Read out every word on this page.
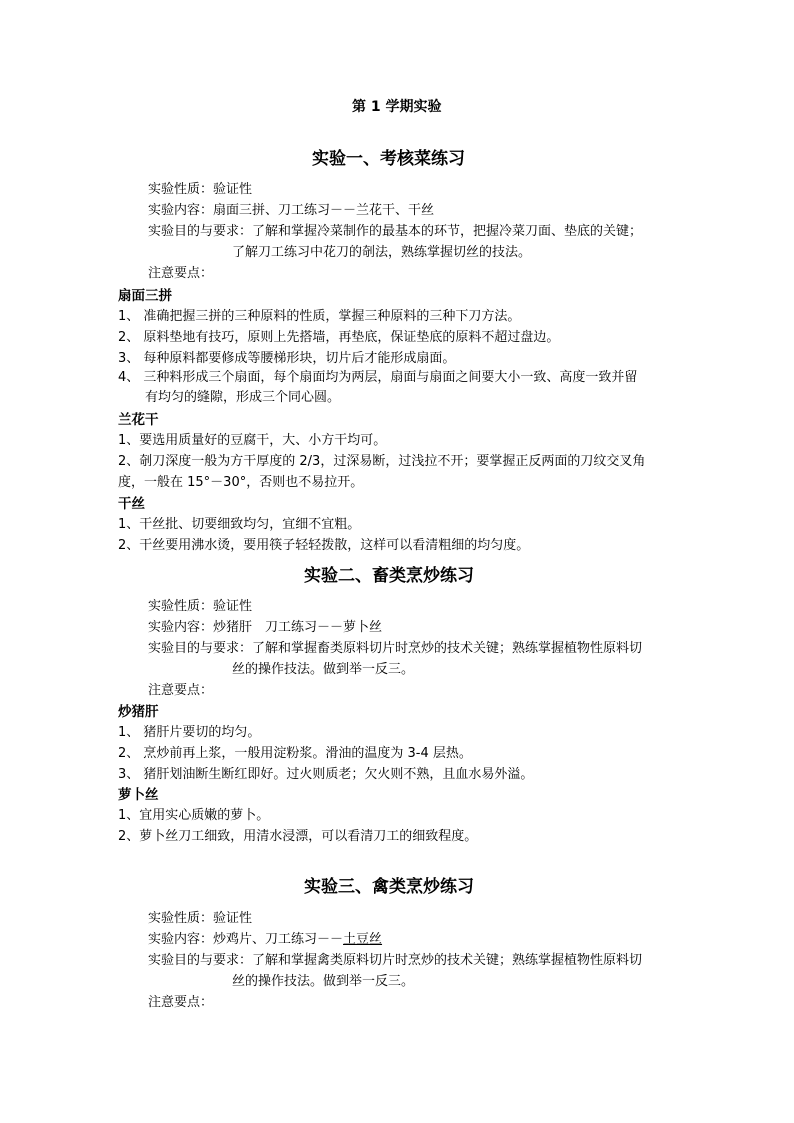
第 1 学期实验
实验一、考核菜练习
实验性质：验证性
实验内容：扇面三拼、刀工练习－－兰花干、干丝
实验目的与要求：了解和掌握冷菜制作的最基本的环节，把握冷菜刀面、垫底的关键；
了解刀工练习中花刀的剞法，熟练掌握切丝的技法。
注意要点：
扇面三拼
1、 准确把握三拼的三种原料的性质，掌握三种原料的三种下刀方法。
2、 原料垫地有技巧，原则上先搭墙，再垫底，保证垫底的原料不超过盘边。
3、 每种原料都要修成等腰梯形块，切片后才能形成扇面。
4、 三种料形成三个扇面，每个扇面均为两层，扇面与扇面之间要大小一致、高度一致并留
有均匀的缝隙，形成三个同心圆。
兰花干
1、要选用质量好的豆腐干，大、小方干均可。
2、剞刀深度一般为方干厚度的 2/3，过深易断，过浅拉不开；要掌握正反两面的刀纹交叉角
度，一般在 15°－30°，否则也不易拉开。
干丝
1、干丝批、切要细致均匀，宜细不宜粗。
2、干丝要用沸水烫，要用筷子轻轻拨散，这样可以看清粗细的均匀度。
实验二、畜类烹炒练习
实验性质：验证性
实验内容：炒猪肝　刀工练习－－萝卜丝
实验目的与要求：了解和掌握畜类原料切片时烹炒的技术关键；熟练掌握植物性原料切
丝的操作技法。做到举一反三。
注意要点：
炒猪肝
1、 猪肝片要切的均匀。
2、 烹炒前再上浆，一般用淀粉浆。滑油的温度为 3-4 层热。
3、 猪肝划油断生断红即好。过火则质老；欠火则不熟，且血水易外溢。
萝卜丝
1、宜用实心质嫩的萝卜。
2、萝卜丝刀工细致，用清水浸漂，可以看清刀工的细致程度。
实验三、禽类烹炒练习
实验性质：验证性
实验内容：炒鸡片、刀工练习－－土豆丝
实验目的与要求：了解和掌握禽类原料切片时烹炒的技术关键；熟练掌握植物性原料切
丝的操作技法。做到举一反三。
注意要点：
